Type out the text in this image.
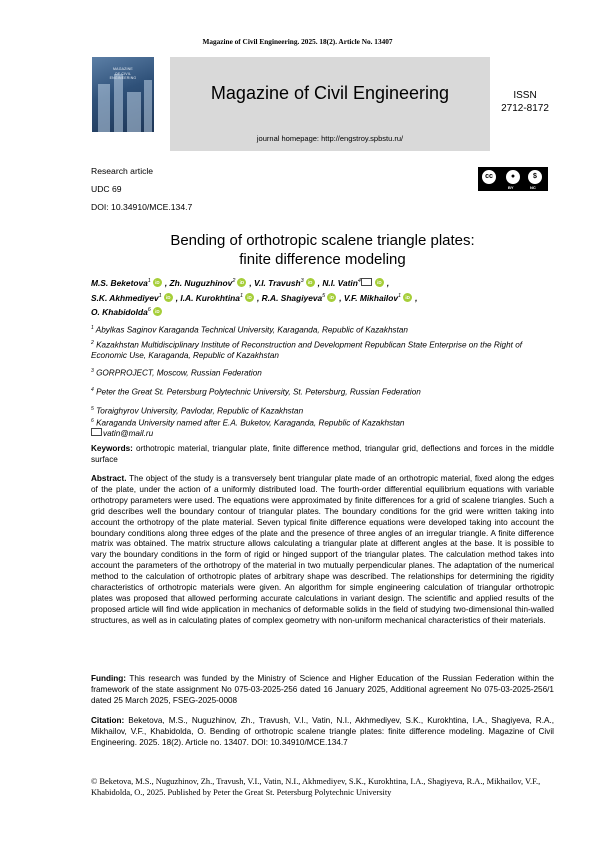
Magazine of Civil Engineering. 2025. 18(2). Article No. 13407
MAGAZINE
OF CIVIL
ENGINEERING
Magazine of Civil Engineering
journal homepage: http://engstroy.spbstu.ru/
ISSN
2712-8172
Research article
UDC 69
DOI: 10.34910/MCE.134.7
cc	●	$
BY	NC
Bending of orthotropic scalene triangle plates:
finite difference modeling
M.S. Beketova$^1$ iD , Zh. Nuguzhinov$^2$ iD , V.I. Travush$^3$ iD , N.I. Vatin$^4$	iD ,
S.K. Akhmediyev$^1$ iD , I.A. Kurokhtina$^1$ iD , R.A. Shagiyeva$^5$ iD , V.F. Mikhailov$^1$ iD ,
O. Khabidolda$^6$ iD
$^1$ Abylkas Saginov Karaganda Technical University, Karaganda, Republic of Kazakhstan
$^2$ Kazakhstan Multidisciplinary Institute of Reconstruction and Development Republican State Enterprise on the Right of Economic Use, Karaganda, Republic of Kazakhstan
$^3$ GORPROJECT, Moscow, Russian Federation
$^4$ Peter the Great St. Petersburg Polytechnic University, St. Petersburg, Russian Federation
$^5$ Toraighyrov University, Pavlodar, Republic of Kazakhstan
$^6$ Karaganda University named after E.A. Buketov, Karaganda, Republic of Kazakhstan
vatin@mail.ru
Keywords: orthotropic material, triangular plate, finite difference method, triangular grid, deflections and forces in the middle surface
Abstract. The object of the study is a transversely bent triangular plate made of an orthotropic material, fixed along the edges of the plate, under the action of a uniformly distributed load. The fourth-order differential equilibrium equations with variable orthotropy parameters were used. The equations were approximated by finite differences for a grid of scalene triangles. Such a grid describes well the boundary contour of triangular plates. The boundary conditions for the grid were written taking into account the orthotropy of the plate material. Seven typical finite difference equations were developed taking into account the boundary conditions along three edges of the plate and the presence of three angles of an irregular triangle. A finite difference matrix was obtained. The matrix structure allows calculating a triangular plate at different angles at the base. It is possible to vary the boundary conditions in the form of rigid or hinged support of the triangular plates. The calculation method takes into account the parameters of the orthotropy of the material in two mutually perpendicular planes. The adaptation of the numerical method to the calculation of orthotropic plates of arbitrary shape was described. The relationships for determining the rigidity characteristics of orthotropic materials were given. An algorithm for simple engineering calculation of triangular orthotropic plates was proposed that allowed performing accurate calculations in variant design. The scientific and applied results of the proposed article will find wide application in mechanics of deformable solids in the field of studying two-dimensional thin-walled structures, as well as in calculating plates of complex geometry with non-uniform mechanical characteristics of their materials.
Funding: This research was funded by the Ministry of Science and Higher Education of the Russian Federation within the framework of the state assignment No 075-03-2025-256 dated 16 January 2025, Additional agreement No 075-03-2025-256/1 dated 25 March 2025, FSEG-2025-0008
Citation: Beketova, M.S., Nuguzhinov, Zh., Travush, V.I., Vatin, N.I., Akhmediyev, S.K., Kurokhtina, I.A., Shagiyeva, R.A., Mikhailov, V.F., Khabidolda, O. Bending of orthotropic scalene triangle plates: finite difference modeling. Magazine of Civil Engineering. 2025. 18(2). Article no. 13407. DOI: 10.34910/MCE.134.7
© Beketova, M.S., Nuguzhinov, Zh., Travush, V.I., Vatin, N.I., Akhmediyev, S.K., Kurokhtina, I.A., Shagiyeva, R.A., Mikhailov, V.F., Khabidolda, O., 2025. Published by Peter the Great St. Petersburg Polytechnic University
